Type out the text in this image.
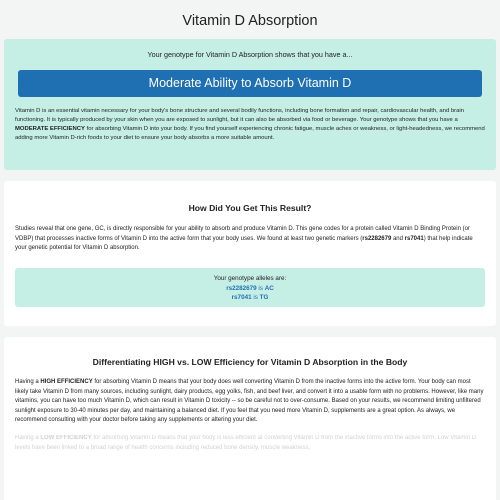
Vitamin D Absorption

Your genotype for Vitamin D Absorption shows that you have a...

Moderate Ability to Absorb Vitamin D

Vitamin D is an essential vitamin necessary for your body's bone structure and several bodily functions, including bone formation and repair, cardiovascular health, and brain functioning. It is typically produced by your skin when you are exposed to sunlight, but it can also be absorbed via food or beverage. Your genotype shows that you have a MODERATE EFFICIENCY for absorbing Vitamin D into your body. If you find yourself experiencing chronic fatigue, muscle aches or weakness, or light-headedness, we recommend adding more Vitamin D-rich foods to your diet to ensure your body absorbs a more suitable amount.

How Did You Get This Result?

Studies reveal that one gene, GC, is directly responsible for your ability to absorb and produce Vitamin D. This gene codes for a protein called Vitamin D Binding Protein (or VDBP) that processes inactive forms of Vitamin D into the active form that your body uses. We found at least two genetic markers (rs2282679 and rs7041) that help indicate your genetic potential for Vitamin D absorption.

Your genotype alleles are:
rs2282679 is AC
rs7041 is TG
Differentiating HIGH vs. LOW Efficiency for Vitamin D Absorption in the Body

Having a HIGH EFFICIENCY for absorbing Vitamin D means that your body does well converting Vitamin D from the inactive forms into the active form. Your body can most likely take Vitamin D from many sources, including sunlight, dairy products, egg yolks, fish, and beef liver, and convert it into a usable form with no problems. However, like many vitamins, you can have too much Vitamin D, which can result in Vitamin D toxicity -- so be careful not to over-consume. Based on your results, we recommend limiting unfiltered sunlight exposure to 30-40 minutes per day, and maintaining a balanced diet. If you feel that you need more Vitamin D, supplements are a great option. As always, we recommend consulting with your doctor before taking any supplements or altering your diet.

Having a LOW EFFICIENCY for absorbing Vitamin D means that your body is less efficient at converting Vitamin D from the inactive forms into the active form. Low Vitamin D levels have been linked to a broad range of health concerns including reduced bone density, muscle weakness,
